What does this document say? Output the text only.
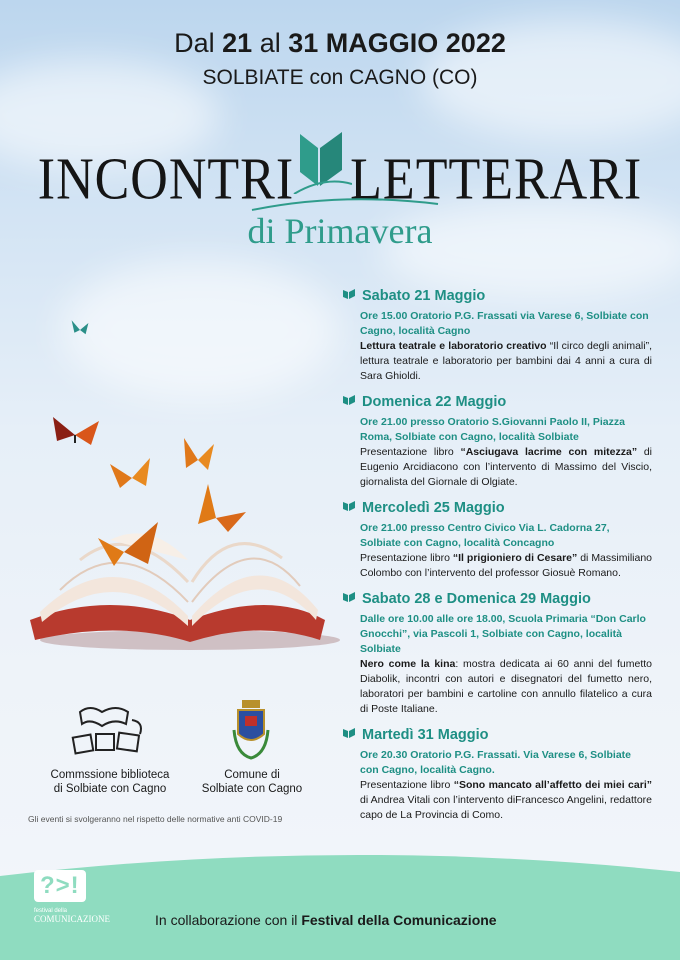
Dal 21 al 31 MAGGIO 2022
SOLBIATE con CAGNO (CO)
INCONTRI LETTERARI
di Primavera
Sabato 21 Maggio
Ore 15.00 Oratorio P.G. Frassati via Varese 6, Solbiate con Cagno, località Cagno
Lettura teatrale e laboratorio creativo “Il circo degli animali”, lettura teatrale e laboratorio per bambini dai 4 anni a cura di Sara Ghioldi.
Domenica 22 Maggio
Ore 21.00 presso Oratorio S.Giovanni Paolo II, Piazza Roma, Solbiate con Cagno, località Solbiate
Presentazione libro “Asciugava lacrime con mitezza” di Eugenio Arcidiacono con l’intervento di Massimo del Viscio, giornalista del Giornale di Olgiate.
Mercoledì 25 Maggio
Ore 21.00 presso Centro Civico Via L. Cadorna 27, Solbiate con Cagno, località Concagno
Presentazione libro “Il prigioniero di Cesare” di Massimiliano Colombo con l’intervento del professor Giosuè Romano.
Sabato 28 e Domenica 29 Maggio
Dalle ore 10.00 alle ore 18.00, Scuola Primaria “Don Carlo Gnocchi”, via Pascoli 1, Solbiate con Cagno, località Solbiate
Nero come la kina: mostra dedicata ai 60 anni del fumetto Diabolik, incontri con autori e disegnatori del fumetto nero, laboratori per bambini e cartoline con annullo filatelico a cura di Poste Italiane.
Martedì 31 Maggio
Ore 20.30 Oratorio P.G. Frassati. Via Varese 6, Solbiate con Cagno, località Cagno.
Presentazione libro “Sono mancato all’affetto dei miei cari” di Andrea Vitali con l’intervento diFrancesco Angelini, redattore capo de La Provincia di Como.
Commssione biblioteca
di Solbiate con Cagno
Comune di
Solbiate con Cagno
Gli eventi si svolgeranno nel rispetto delle normative anti COVID-19
?>!
festival della
COMUNICAZIONE	In collaborazione con il Festival della Comunicazione
